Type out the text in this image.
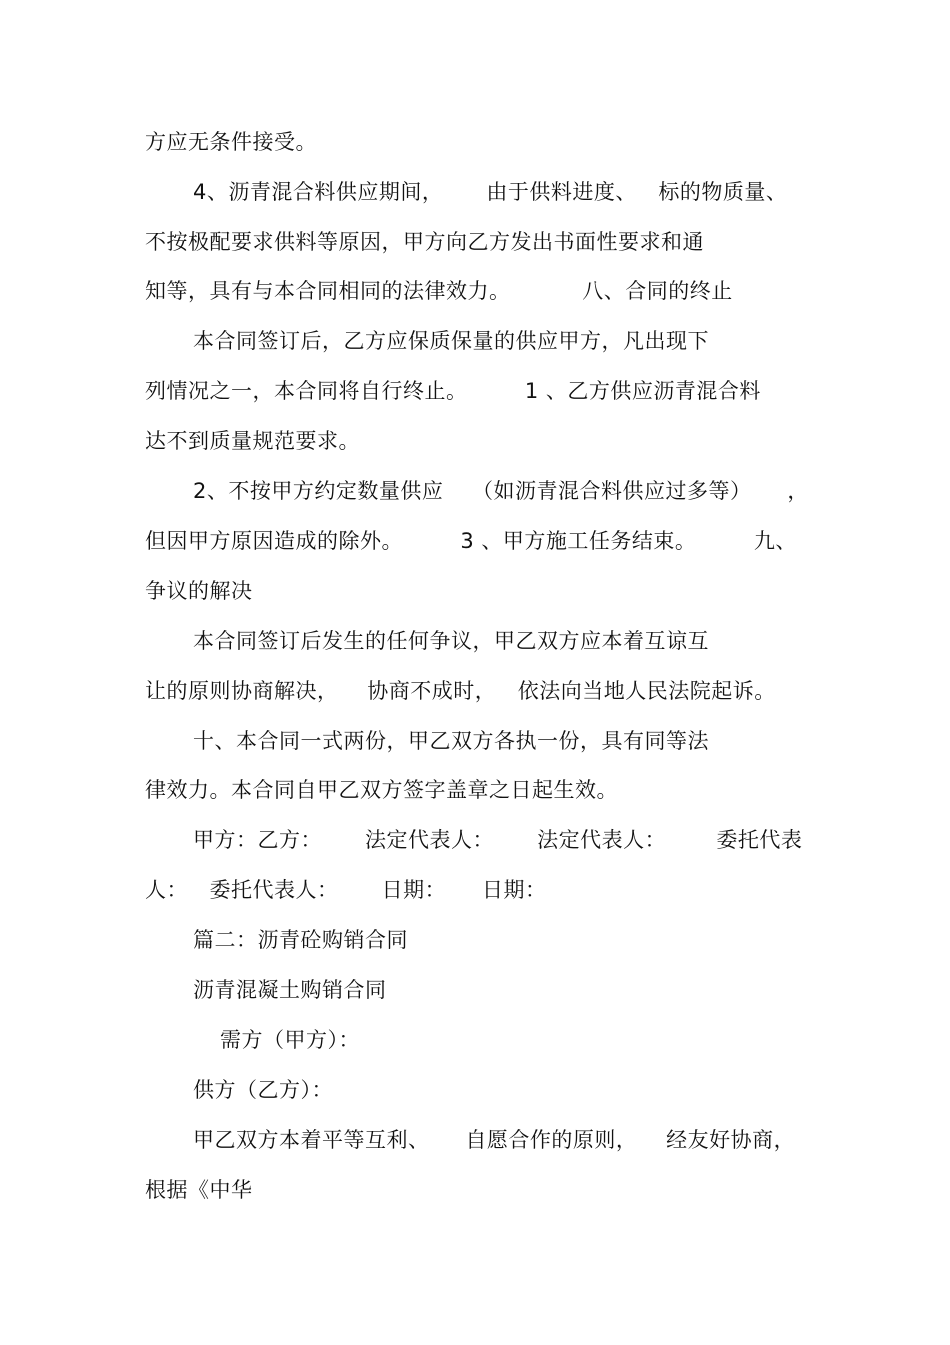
方应无条件接受。
4、沥青混合料供应期间，      由于供料进度、   标的物质量、
不按极配要求供料等原因，甲方向乙方发出书面性要求和通
知等，具有与本合同相同的法律效力。          八、合同的终止
本合同签订后，乙方应保质保量的供应甲方，凡出现下
列情况之一，本合同将自行终止。        1 、乙方供应沥青混合料
达不到质量规范要求。
2、不按甲方约定数量供应    （如沥青混合料供应过多等）     ，
但因甲方原因造成的除外。        3 、甲方施工任务结束。        九、
争议的解决
本合同签订后发生的任何争议，甲乙双方应本着互谅互
让的原则协商解决，    协商不成时，   依法向当地人民法院起诉。
十、本合同一式两份，甲乙双方各执一份，具有同等法
律效力。本合同自甲乙双方签字盖章之日起生效。
甲方：乙方：      法定代表人：      法定代表人：       委托代表
人：   委托代表人：      日期：     日期：
篇二：沥青砼购销合同
沥青混凝土购销合同
需方（甲方）：
供方（乙方）：
甲乙双方本着平等互利、     自愿合作的原则，    经友好协商，
根据《中华
